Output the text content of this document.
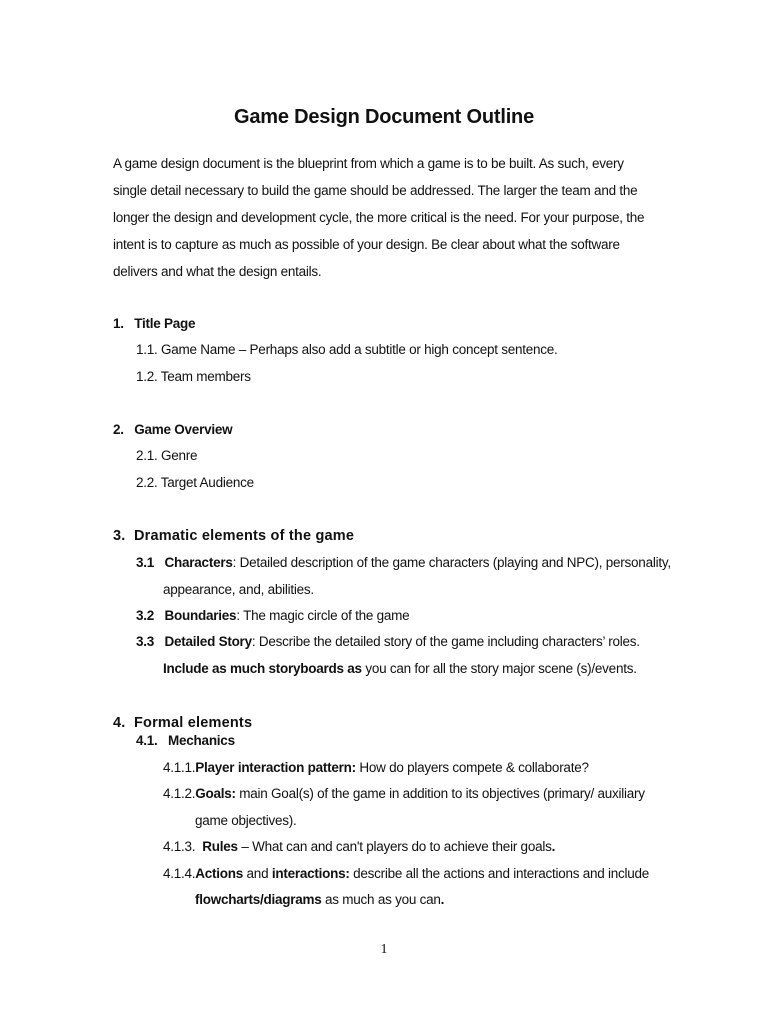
Game Design Document Outline
A game design document is the blueprint from which a game is to be built. As such, every single detail necessary to build the game should be addressed. The larger the team and the longer the design and development cycle, the more critical is the need. For your purpose, the intent is to capture as much as possible of your design. Be clear about what the software delivers and what the design entails.
1. Title Page
1.1. Game Name – Perhaps also add a subtitle or high concept sentence.
1.2. Team members
2. Game Overview
2.1. Genre
2.2. Target Audience
3. Dramatic elements of the game
3.1 Characters: Detailed description of the game characters (playing and NPC), personality,
appearance, and, abilities.
3.2 Boundaries: The magic circle of the game
3.3 Detailed Story: Describe the detailed story of the game including characters’ roles.
Include as much storyboards as you can for all the story major scene (s)/events.
4. Formal elements
4.1. Mechanics
4.1.1.Player interaction pattern: How do players compete & collaborate?
4.1.2.Goals: main Goal(s) of the game in addition to its objectives (primary/ auxiliary
game objectives).
4.1.3. Rules – What can and can't players do to achieve their goals.
4.1.4.Actions and interactions: describe all the actions and interactions and include
flowcharts/diagrams as much as you can.
1
